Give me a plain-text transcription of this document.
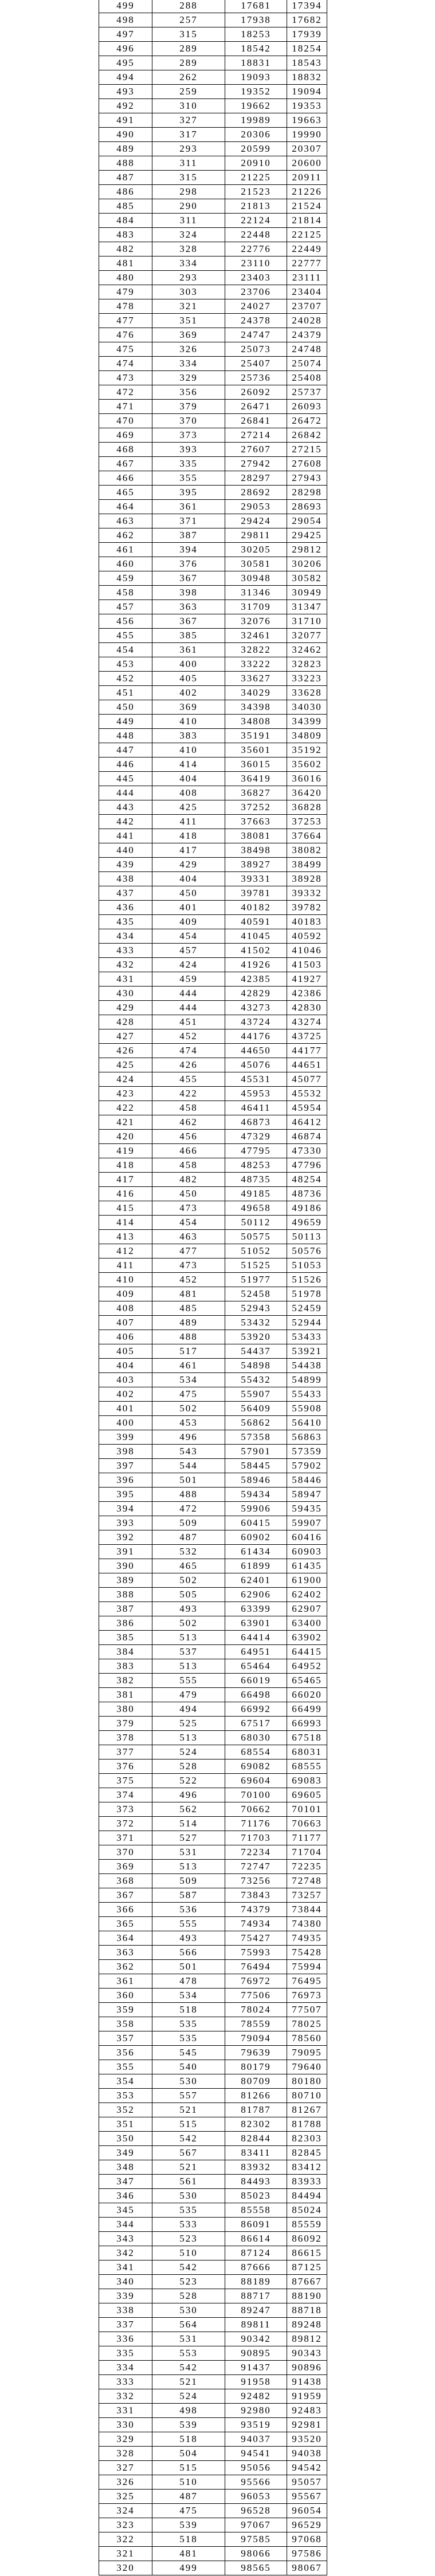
499	288	17681	17394
498	257	17938	17682
497	315	18253	17939
496	289	18542	18254
495	289	18831	18543
494	262	19093	18832
493	259	19352	19094
492	310	19662	19353
491	327	19989	19663
490	317	20306	19990
489	293	20599	20307
488	311	20910	20600
487	315	21225	20911
486	298	21523	21226
485	290	21813	21524
484	311	22124	21814
483	324	22448	22125
482	328	22776	22449
481	334	23110	22777
480	293	23403	23111
479	303	23706	23404
478	321	24027	23707
477	351	24378	24028
476	369	24747	24379
475	326	25073	24748
474	334	25407	25074
473	329	25736	25408
472	356	26092	25737
471	379	26471	26093
470	370	26841	26472
469	373	27214	26842
468	393	27607	27215
467	335	27942	27608
466	355	28297	27943
465	395	28692	28298
464	361	29053	28693
463	371	29424	29054
462	387	29811	29425
461	394	30205	29812
460	376	30581	30206
459	367	30948	30582
458	398	31346	30949
457	363	31709	31347
456	367	32076	31710
455	385	32461	32077
454	361	32822	32462
453	400	33222	32823
452	405	33627	33223
451	402	34029	33628
450	369	34398	34030
449	410	34808	34399
448	383	35191	34809
447	410	35601	35192
446	414	36015	35602
445	404	36419	36016
444	408	36827	36420
443	425	37252	36828
442	411	37663	37253
441	418	38081	37664
440	417	38498	38082
439	429	38927	38499
438	404	39331	38928
437	450	39781	39332
436	401	40182	39782
435	409	40591	40183
434	454	41045	40592
433	457	41502	41046
432	424	41926	41503
431	459	42385	41927
430	444	42829	42386
429	444	43273	42830
428	451	43724	43274
427	452	44176	43725
426	474	44650	44177
425	426	45076	44651
424	455	45531	45077
423	422	45953	45532
422	458	46411	45954
421	462	46873	46412
420	456	47329	46874
419	466	47795	47330
418	458	48253	47796
417	482	48735	48254
416	450	49185	48736
415	473	49658	49186
414	454	50112	49659
413	463	50575	50113
412	477	51052	50576
411	473	51525	51053
410	452	51977	51526
409	481	52458	51978
408	485	52943	52459
407	489	53432	52944
406	488	53920	53433
405	517	54437	53921
404	461	54898	54438
403	534	55432	54899
402	475	55907	55433
401	502	56409	55908
400	453	56862	56410
399	496	57358	56863
398	543	57901	57359
397	544	58445	57902
396	501	58946	58446
395	488	59434	58947
394	472	59906	59435
393	509	60415	59907
392	487	60902	60416
391	532	61434	60903
390	465	61899	61435
389	502	62401	61900
388	505	62906	62402
387	493	63399	62907
386	502	63901	63400
385	513	64414	63902
384	537	64951	64415
383	513	65464	64952
382	555	66019	65465
381	479	66498	66020
380	494	66992	66499
379	525	67517	66993
378	513	68030	67518
377	524	68554	68031
376	528	69082	68555
375	522	69604	69083
374	496	70100	69605
373	562	70662	70101
372	514	71176	70663
371	527	71703	71177
370	531	72234	71704
369	513	72747	72235
368	509	73256	72748
367	587	73843	73257
366	536	74379	73844
365	555	74934	74380
364	493	75427	74935
363	566	75993	75428
362	501	76494	75994
361	478	76972	76495
360	534	77506	76973
359	518	78024	77507
358	535	78559	78025
357	535	79094	78560
356	545	79639	79095
355	540	80179	79640
354	530	80709	80180
353	557	81266	80710
352	521	81787	81267
351	515	82302	81788
350	542	82844	82303
349	567	83411	82845
348	521	83932	83412
347	561	84493	83933
346	530	85023	84494
345	535	85558	85024
344	533	86091	85559
343	523	86614	86092
342	510	87124	86615
341	542	87666	87125
340	523	88189	87667
339	528	88717	88190
338	530	89247	88718
337	564	89811	89248
336	531	90342	89812
335	553	90895	90343
334	542	91437	90896
333	521	91958	91438
332	524	92482	91959
331	498	92980	92483
330	539	93519	92981
329	518	94037	93520
328	504	94541	94038
327	515	95056	94542
326	510	95566	95057
325	487	96053	95567
324	475	96528	96054
323	539	97067	96529
322	518	97585	97068
321	481	98066	97586
320	499	98565	98067
